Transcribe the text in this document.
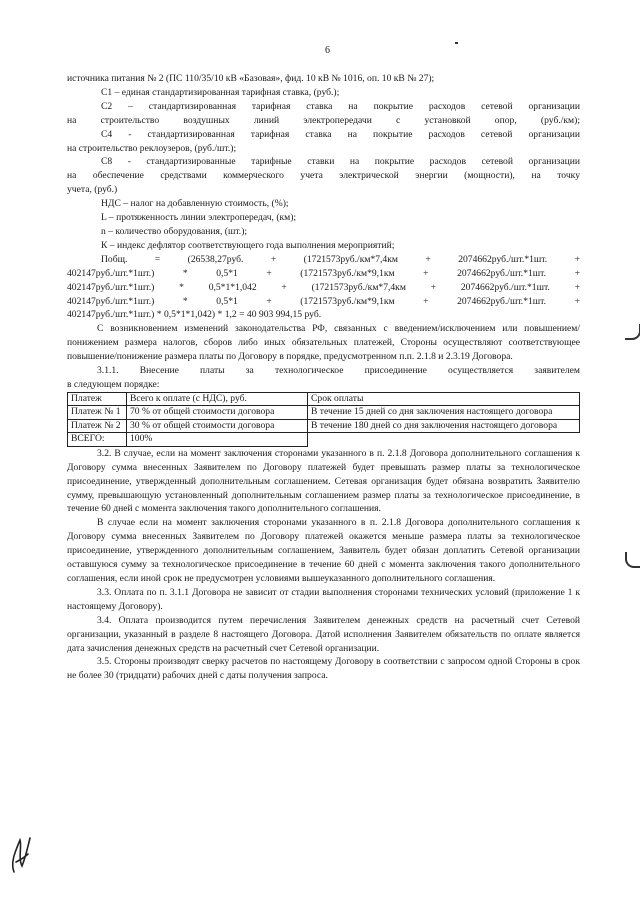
6

источника питания № 2 (ПС 110/35/10 кВ «Базовая», фид. 10 кВ № 1016, оп. 10 кВ № 27);

С1 – единая стандартизированная тарифная ставка, (руб.);

С2 – стандартизированная тарифная ставка на покрытие расходов сетевой организации

на строительство воздушных линий электропередачи с установкой опор, (руб./км);

С4 - стандартизированная тарифная ставка на покрытие расходов сетевой организации

на строительство реклоузеров, (руб./шт.);

С8 - стандартизированные тарифные ставки на покрытие расходов сетевой организации

на обеспечение средствами коммерческого учета электрической энергии (мощности), на точку

учета, (руб.)

НДС – налог на добавленную стоимость, (%);

L – протяженность линии электропередач, (км);

n – количество оборудования, (шт.);

К – индекс дефлятор соответствующего года выполнения мероприятий;

Побщ. = (26538,27руб. + (1721573руб./км*7,4км + 2074662руб./шт.*1шт. +

402147руб./шт.*1шт.) * 0,5*1 + (1721573руб./км*9,1км + 2074662руб./шт.*1шт. +

402147руб./шт.*1шт.) * 0,5*1*1,042 + (1721573руб./км*7,4км + 2074662руб./шт.*1шт. +

402147руб./шт.*1шт.) * 0,5*1 + (1721573руб./км*9,1км + 2074662руб./шт.*1шт. +

402147руб./шт.*1шт.) * 0,5*1*1,042) * 1,2 = 40 903 994,15 руб.

С возникновением изменений законодательства РФ, связанных с введением/исключением или повышением/понижением размера налогов, сборов либо иных обязательных платежей, Стороны осуществляют соответствующее повышение/понижение размера платы по Договору в порядке, предусмотренном п.п. 2.1.8 и 2.3.19 Договора.

3.1.1. Внесение платы за технологическое присоединение осуществляется заявителем

в следующем порядке:

Платеж	Всего к оплате (с НДС), руб.	Срок оплаты
Платеж № 1	70 % от общей стоимости договора	В течение 15 дней со дня заключения настоящего договора
Платеж № 2	30 % от общей стоимости договора	В течение 180 дней со дня заключения настоящего договора
ВСЕГО:	100%	

3.2. В случае, если на момент заключения сторонами указанного в п. 2.1.8 Договора дополнительного соглашения к Договору сумма внесенных Заявителем по Договору платежей будет превышать размер платы за технологическое присоединение, утвержденный дополнительным соглашением. Сетевая организация будет обязана возвратить Заявителю сумму, превышающую установленный дополнительным соглашением размер платы за технологическое присоединение, в течение 60 дней с момента заключения такого дополнительного соглашения.

В случае если на момент заключения сторонами указанного в п. 2.1.8 Договора дополнительного соглашения к Договору сумма внесенных Заявителем по Договору платежей окажется меньше размера платы за технологическое присоединение, утвержденного дополнительным соглашением, Заявитель будет обязан доплатить Сетевой организации оставшуюся сумму за технологическое присоединение в течение 60 дней с момента заключения такого дополнительного соглашения, если иной срок не предусмотрен условиями вышеуказанного дополнительного соглашения.

3.3. Оплата по п. 3.1.1 Договора не зависит от стадии выполнения сторонами технических условий (приложение 1 к настоящему Договору).

3.4. Оплата производится путем перечисления Заявителем денежных средств на расчетный счет Сетевой организации, указанный в разделе 8 настоящего Договора. Датой исполнения Заявителем обязательств по оплате является дата зачисления денежных средств на расчетный счет Сетевой организации.

3.5. Стороны производят сверку расчетов по настоящему Договору в соответствии с запросом одной Стороны в срок не более 30 (тридцати) рабочих дней с даты получения запроса.
